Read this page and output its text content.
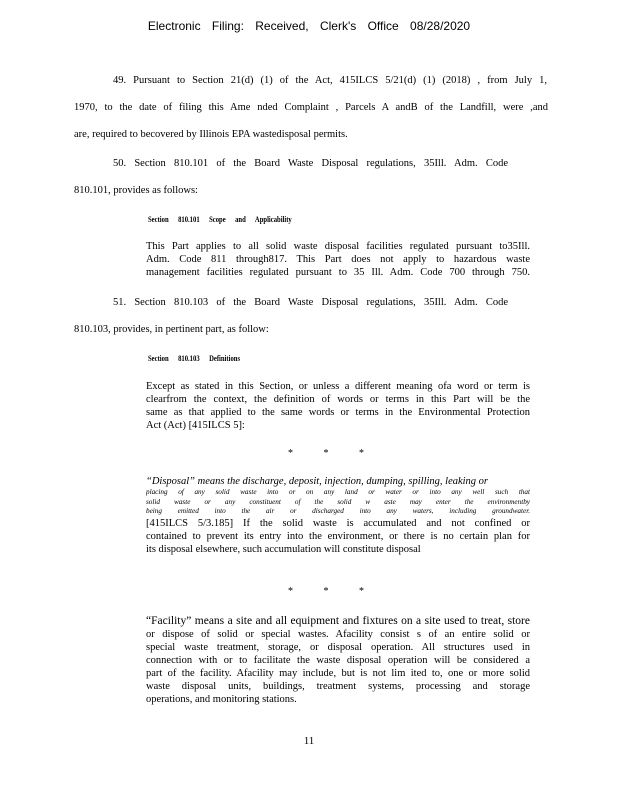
Electronic Filing: Received, Clerk's Office 08/28/2020
49. Pursuant to Section 21(d) (1) of the Act, 415ILCS 5/21(d) (1) (2018) , from July 1,
1970, to the date of filing this Ame nded Complaint , Parcels A andB of the Landfill, were ,and
are, required to becovered by Illinois EPA wastedisposal permits.
50. Section 810.101 of the Board Waste Disposal regulations, 35Ill. Adm. Code
810.101, provides as follows:
Section 810.101 Scope and Applicability
This Part applies to all solid waste disposal facilities regulated pursuant to35Ill.
Adm. Code 811 through817. This Part does not apply to hazardous waste
management facilities regulated pursuant to 35 Ill. Adm. Code 700 through 750.
51. Section 810.103 of the Board Waste Disposal regulations, 35Ill. Adm. Code
810.103, provides, in pertinent part, as follow:
Section 810.103 Definitions
Except as stated in this Section, or unless a different meaning ofa word or term is
clearfrom the context, the definition of words or terms in this Part will be the
same as that applied to the same words or terms in the Environmental Protection
Act (Act) [415ILCS 5]:
* * *
“Disposal” means the discharge, deposit, injection, dumping, spilling, leaking or
placing of any solid waste into or on any land or water or into any well such that
solid waste or any constituent of the solid w aste may enter the environmentby
being emitted into the air or discharged into any waters, including groundwater.
[415ILCS 5/3.185] If the solid waste is accumulated and not confined or
contained to prevent its entry into the environment, or there is no certain plan for
its disposal elsewhere, such accumulation will constitute disposal
* * *
“Facility” means a site and all equipment and fixtures on a site used to treat, store
or dispose of solid or special wastes. Afacility consist s of an entire solid or
special waste treatment, storage, or disposal operation. All structures used in
connection with or to facilitate the waste disposal operation will be considered a
part of the facility. Afacility may include, but is not lim ited to, one or more solid
waste disposal units, buildings, treatment systems, processing and storage
operations, and monitoring stations.
11
